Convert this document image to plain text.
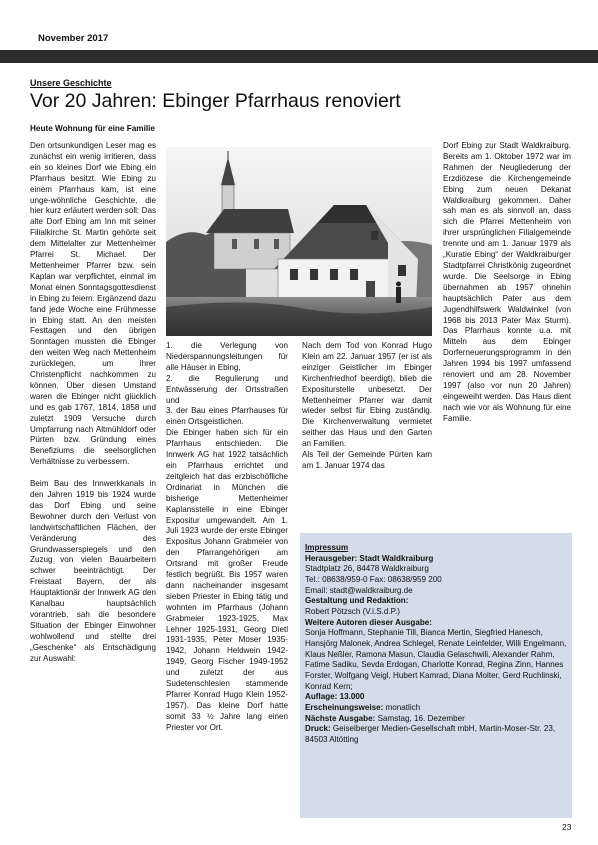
November 2017
Unsere Geschichte
Vor 20 Jahren: Ebinger Pfarrhaus renoviert
Heute Wohnung für eine Familie

Den ortsunkundigen Leser mag es zunächst ein wenig irritieren, dass ein so kleines Dorf wie Ebing ein Pfarrhaus besitzt. Wie Ebing zu einem Pfarrhaus kam, ist eine unge-wöhnliche Geschichte, die hier kurz erläutert werden soll: Das alte Dorf Ebing am Inn mit seiner Filialkirche St. Martin gehörte seit dem Mittelalter zur Mettenheimer Pfarrei St. Michael. Der Mettenheimer Pfarrer bzw. sein Kaplan war verpflichtet, einmal im Monat einen Sonntagsgottesdienst in Ebing zu feiern. Ergänzend dazu fand jede Woche eine Frühmesse in Ebing statt. An den meisten Festtagen und den übrigen Sonntagen mussten die Ebinger den weiten Weg nach Mettenheim zurücklegen, um ihrer Christenpflicht nachkommen zu können. Über diesen Umstand waren die Ebinger nicht glücklich und es gab 1767, 1814, 1858 und zuletzt 1909 Versuche durch Umpfarrung nach Altmühldorf oder Pürten bzw. Gründung eines Benefiziums die seelsorglichen Verhältnisse zu verbessern.

Beim Bau des Innwerkkanals in den Jahren 1919 bis 1924 wurde das Dorf Ebing und seine Bewohner durch den Verlust von landwirtschaftlichen Flächen, der Veränderung des Grundwasserspiegels und den Zuzug von vielen Bauarbeitern schwer beeinträchtigt. Der Freistaat Bayern, der als Hauptaktionär der Innwerk AG den Kanalbau hauptsächlich vorantrieb, sah die besondere Situation der Ebinger Einwohner wohlwollend und stellte drei „Geschenke“ als Entschädigung zur Auswahl:

1. die Verlegung von Niederspannungsleitungen für alle Häuser in Ebing,
2. die Regulierung und Entwässerung der Ortsstraßen und
3. der Bau eines Pfarrhauses für einen Ortsgeistlichen.
Die Ebinger haben sich für ein Pfarrhaus entschieden. Die Innwerk AG hat 1922 tatsächlich ein Pfarrhaus errichtet und zeitgleich hat das erzbischöfliche Ordinariat in München die bisherige Mettenheimer Kaplansstelle in eine Ebinger Expositur umgewandelt. Am 1. Juli 1923 wurde der erste Ebinger Expositus Johann Grabmeier von den Pfarrangehörigen am Ortsrand mit großer Freude festlich begrüßt. Bis 1957 waren dann nacheinander insgesamt sieben Priester in Ebing tätig und wohnten im Pfarrhaus (Johann Grabmeier 1923-1925, Max Lehner 1925-1931, Georg Dietl 1931-1935, Peter Moser 1935-1942, Johann Heldwein 1942-1949, Georg Fischer 1949-1952 und zuletzt der aus Sudetenschlesien stammende Pfarrer Konrad Hugo Klein 1952-1957). Das kleine Dorf hatte somit 33 ½ Jahre lang einen Priester vor Ort.

Nach dem Tod von Konrad Hugo Klein am 22. Januar 1957 (er ist als einziger Geistlicher im Ebinger Kirchenfriedhof beerdigt), blieb die Expositurstelle unbesetzt. Der Mettenheimer Pfarrer war damit wieder selbst für Ebing zuständig. Die Kirchenverwaltung vermietet seither das Haus und den Garten an Familien.
Als Teil der Gemeinde Pürten kam am 1. Januar 1974 das

Dorf Ebing zur Stadt Waldkraiburg. Bereits am 1. Oktober 1972 war im Rahmen der Neugliederung der Erzdiözese die Kirchengemeinde Ebing zum neuen Dekanat Waldkraiburg gekommen. Daher sah man es als sinnvoll an, dass sich die Pfarrei Mettenheim von ihrer ursprünglichen Filialgemeinde trennte und am 1. Januar 1979 als „Kuratie Ebing“ der Waldkraiburger Stadtpfarrei Christkönig zugeordnet wurde. Die Seelsorge in Ebing übernahmen ab 1957 ohnehin hauptsächlich Pater aus dem Jugendhilfswerk Waldwinkel (von 1968 bis 2013 Pater Max Sturm). Das Pfarrhaus konnte u.a. mit Mitteln aus dem Ebinger Dorferneuerungsprogramm in den Jahren 1994 bis 1997 umfassend renoviert und am 28. November 1997 (also vor nun 20 Jahren) eingeweiht werden. Das Haus dient nach wie vor als Wohnung für eine Familie.

Impressum
Herausgeber: Stadt Waldkraiburg
Stadtplatz 26, 84478 Waldkraiburg
Tel.: 08638/959-0 Fax: 08638/959 200
Email: stadt@waldkraiburg.de
Gestaltung und Redaktion:
Robert Pötzsch (V.i.S.d.P.)
Weitere Autoren dieser Ausgabe:
Sonja Hoffmann, Stephanie Till, Bianca Mertin, Siegfried Hanesch, Hansjörg Malonek, Andrea Schlegel, Renate Leinfelder, Willi Engelmann, Klaus Neßler, Ramona Masun, Claudia Gelaschwili, Alexander Rahm, Fatime Sadiku, Sevda Erdogan, Charlotte Konrad, Regina Zinn, Hannes Forster, Wolfgang Veigl, Hubert Kamrad, Diana Molter, Gerd Ruchlinski, Konrad Kern;
Auflage: 13.000
Erscheinungsweise: monatlich
Nächste Ausgabe: Samstag, 16. Dezember
Druck: Geiselberger Medien-Gesellschaft mbH, Martin-Moser-Str. 23, 84503 Altötting
23
